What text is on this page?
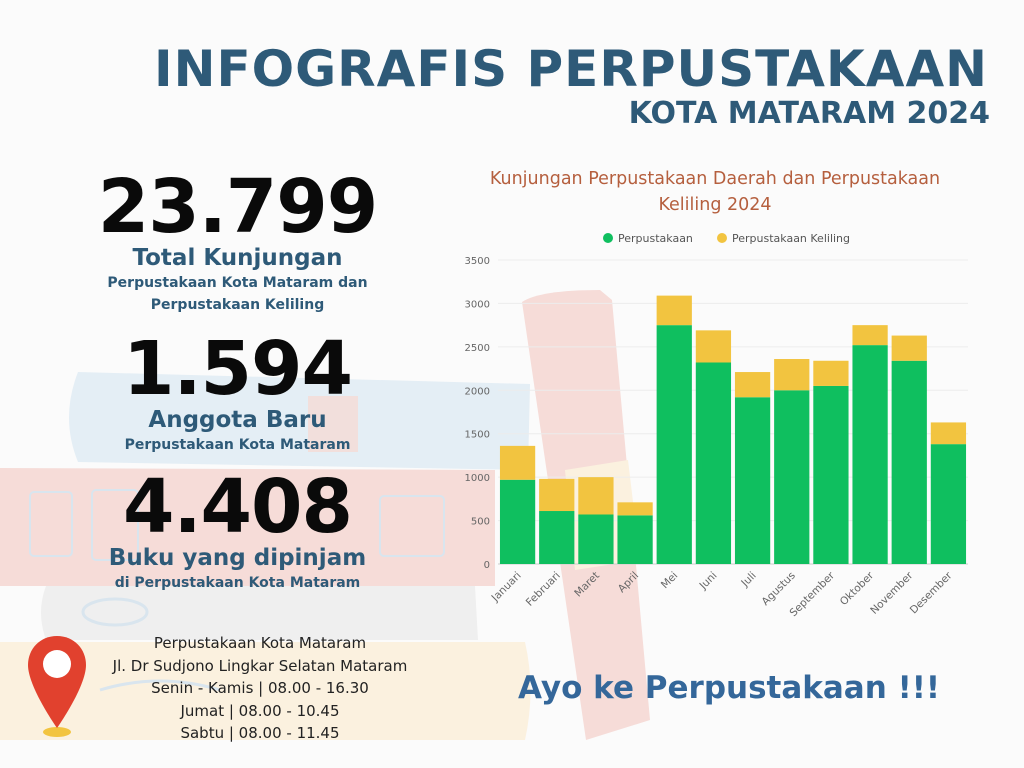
INFOGRAFIS PERPUSTAKAAN
KOTA MATARAM 2024
23.799
Total Kunjungan
Perpustakaan Kota Mataram dan
Perpustakaan Keliling
1.594
Anggota Baru
Perpustakaan Kota Mataram
4.408
Buku yang dipinjam
di Perpustakaan Kota Mataram
Perpustakaan Kota Mataram
Jl. Dr Sudjono Lingkar Selatan Mataram
Senin - Kamis | 08.00 - 16.30
Jumat | 08.00 - 10.45
Sabtu | 08.00 - 11.45
Ayo ke Perpustakaan !!!
Kunjungan Perpustakaan Daerah dan Perpustakaan
Keliling 2024
Perpustakaan	Perpustakaan Keliling
0
500
1000
1500
2000
2500
3000
3500
Januari Februari Maret April Mei Juni Juli Agustus
September Oktober
November
Desember
